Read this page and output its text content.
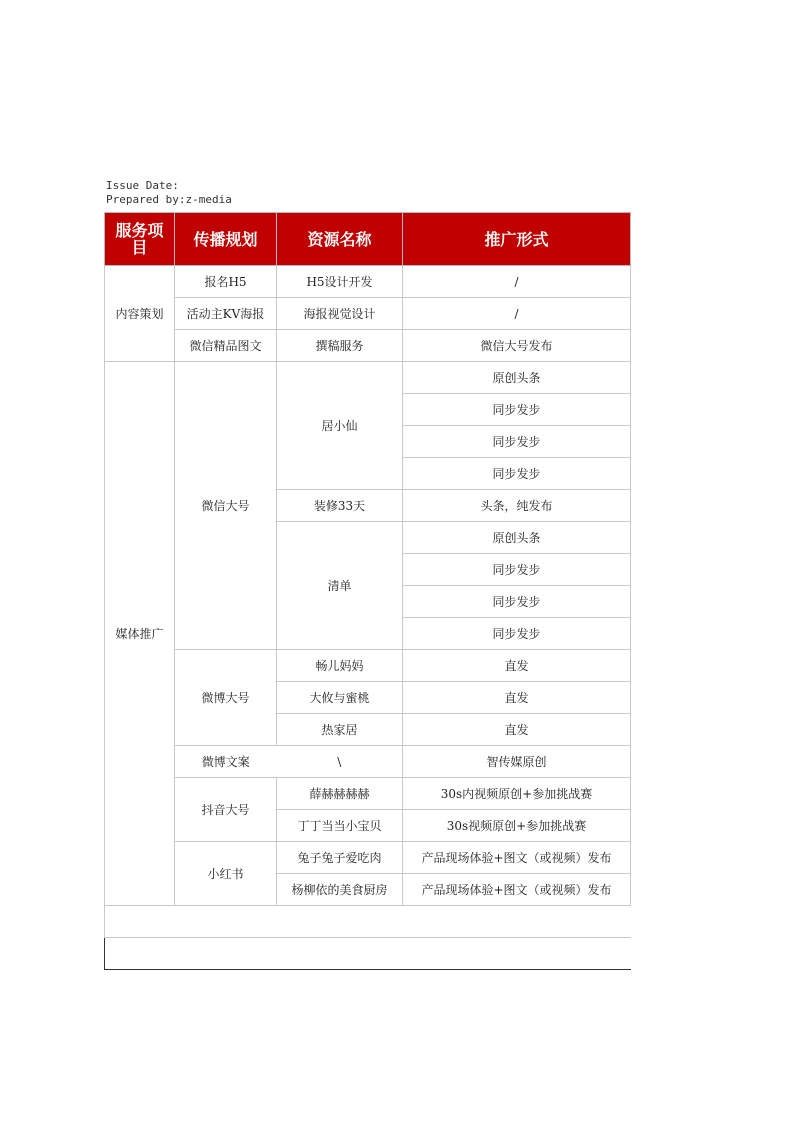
Issue Date:
Prepared by:z-media
服务项目	传播规划	资源名称	推广形式
内容策划	报名H5	H5设计开发	/
	活动主KV海报	海报视觉设计	/
	微信精品图文	撰稿服务	微信大号发布
媒体推广	微信大号	居小仙	原创头条
			同步发步
			同步发步
			同步发步
		装修33天	头条，纯发布
		清单	原创头条
			同步发步
			同步发步
			同步发步
	微博大号	畅儿妈妈	直发
		大攸与蜜桃	直发
		热家居	直发
	微博文案	\	智传媒原创
	抖音大号	薛赫赫赫赫	30s内视频原创+参加挑战赛
		丁丁当当小宝贝	30s视频原创+参加挑战赛
	小红书	兔子兔子爱吃肉	产品现场体验+图文（或视频）发布
		杨柳依的美食厨房	产品现场体验+图文（或视频）发布
